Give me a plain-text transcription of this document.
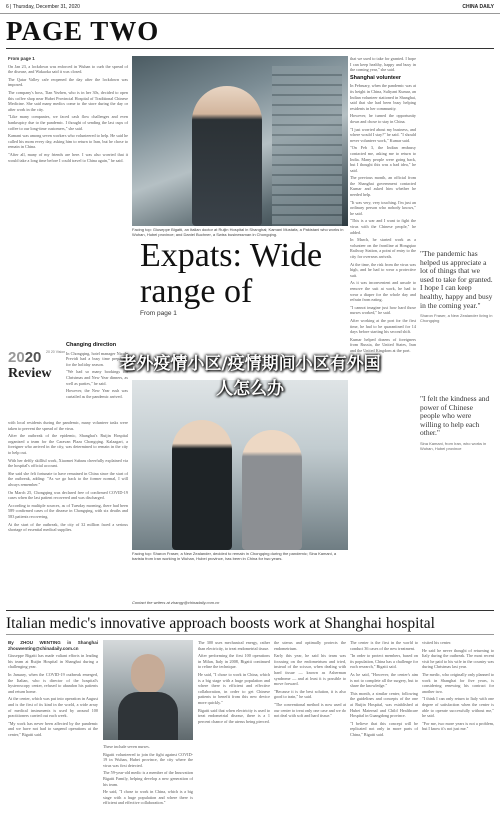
6 | Thursday, December 31, 2020	CHINA DAILY
PAGE TWO
From page 1

On Jan 23, a lockdown was enforced in Wuhan to curb the spread of the disease, and Wakaoka said it was closed.

The Qatar Valley cafe reopened the day after the lockdown was imposed.

The company's boss, Tian Yezhen, who is in her 30s, decided to open this coffee shop near Hubei Provincial Hospital of Traditional Chinese Medicine. She said many medics come to the store during the day or after work in the city.

"Like many companies, we faced cash flow challenges and even bankruptcy due to the pandemic. I thought of sending the last cups of coffee to our long-time customers," she said.

Kamani was among seven workers who volunteered to help. He said he called his mom every day, asking him to return to Iran, but he chose to remain in China.

"After all, many of my friends are here. I was also worried that it would take a long time before I could travel to China again," he said.

2020
Review
20 20 Vision
Changing direction

In Chongqing, hotel manager Nicolo Previdi had a busy time preparing for the holiday season.

"We had so many bookings for Christmas and New Year dinners, as well as parties," he said.

However, the New Year rush was curtailed as the pandemic arrived.

with local residents during the pandemic, many volunteer tasks were taken to prevent the spread of the virus.

After the outbreak of the epidemic, Shanghai's Ruijin Hospital organized a team for the Caravan Plaza Chongqing. Kalaagari, a foreigner who arrived in the city, was determined to remain in the city to help out.

With her deftly skillful work, Xiaomei Subaru cheerfully explained via the hospital's official account.

She said she felt fortunate to have remained in China since the start of the outbreak, adding: "As we go back to the former normal, I will always remember."

On March 25, Chongqing was declared free of confirmed COVID-19 cases when the last patient recovered and was discharged.

According to multiple sources, as of Tuesday morning, there had been 589 confirmed cases of the disease in Chongqing, with six deaths and 583 patients recovering.

At the start of the outbreak, the city of 32 million faced a serious shortage of essential medical supplies.

Facing top: Giuseppe Bigatti, an Italian doctor at Ruijin Hospital in Shanghai; Kamani Mustafa, a Pakistani who works in Wuhan, Hubei province; and Daniel Buchner, a Swiss businessman in Chongqing.
Expats: Wide range of
From page 1
Facing top: Sharon Fraser, a New Zealander, decided to remain in Chongqing during the pandemic; Sina Kamani, a barista from Iran working in Wuhan, Hubei province, has been in China for two years.

that we used to take for granted. I hope I can keep healthy, happy and busy in the coming year," she said.

Shanghai volunteer

In February, when the pandemic was at its height in China, Sultyani Kumar, an Indian volunteer stationed in Shanghai, said that she had been busy helping residents in her community.

However, he turned the opportunity down and chose to stay in China.

"I just worried about my business, and where would I stay?" he said. "I should never volunteer work," Kumar said.

"On Feb 3, the Indian embassy contacted me, asking me to return to India. Many people were going back, but I thought this was a bad idea," he said.

The previous month, an official from the Shanghai government contacted Kumar and asked him whether he needed help.

"It was very, very touching. I'm just an ordinary person who nobody knows," he said.

"This is a war and I want to fight the virus with the Chinese people," he added.

In March, he started work as a volunteer on the frontline at Hongqiao Railway Station, a point of entry to the city for overseas arrivals.

At the time, the risk from the virus was high, and he had to wear a protective suit.

As it was inconvenient and unsafe to remove the suit at work, he had to wear a diaper for the whole day and refrain from eating.

"I cannot imagine just how hard those nurses worked," he said.

After working at the port for the first time, he had to be quarantined for 14 days before starting his second shift.

Kumar helped dozens of foreigners from Russia, the United States, Iran and the United Kingdom at the port.

"The pandemic has helped us appreciate a lot of things that we used to take for granted. I hope I can keep healthy, happy and busy in the coming year."
Sharon Fraser, a New Zealander living in Chongqing
"I felt the kindness and power of Chinese people who were willing to help each other."
Sina Kamani, from Iran, who works in Wuhan, Hubei province
Contact the writers at zhangy@chinadaily.com.cn
老外疫情小区/疫情期间小区有外国
人怎么办
Italian medic's innovative approach boosts work at Shanghai hospital
By ZHOU WENTING in Shanghai zhouwenting@chinadaily.com.cn

Giuseppe Bigatti has made valiant efforts in leading his team at Ruijin Hospital in Shanghai during a challenging year.

In January, when the COVID-19 outbreak emerged, the Italian, who is director of the hospital's hysteroscopy center, refused to abandon his patients and return home.

At the center, which was put into operation in August and is the first of its kind in the world, a wide array of medical instruments is used by around 100 practitioners carried out each week.

"My work has never been affected by the pandemic and we have not had to suspend operations at the center," Bigatti said.

These include seven nurses.

Bigatti volunteered to join the fight against COVID-19 in Wuhan, Hubei province, the city where the virus was first detected.

The 59-year-old medic is a member of the Innovation Bigatti Family, helping develop a new generation of his team.

He said, "I chose to work in China, which is a big stage with a huge population and where there is efficient and effective collaboration."

The 300 uses mechanical energy, rather than electricity, to treat endometrial tissue.

After performing the first 100 operations in Milan, Italy in 2008, Bigatti continued to refine the technique.

He said, "I chose to work in China, which is a big stage with a huge population and where there is efficient and effective collaboration, in order to get Chinese patients to benefit from this new device more quickly."

Bigatti said that when electricity is used to treat endometrial disease, there is a 1 percent chance of the uterus being pierced.

the uterus and optimally protects the endometrium.

Early this year, he said his team was focusing on the endometrium and tried, instead of the scissor, when dealing with hard tissue — known as Asherman syndrome — and at least it is possible to move forward.

"Because it is the best solution, it is also good to train," he said.

"The conventional method is now used at our center to treat only one case and we do not deal with soft and hard tissue."

The center is the first in the world to conduct 36 cases of the new treatment.

"In order to protect members, based on its population, China has a challenge for each research," Bigatti said.

As he said, "However, the center's aim is not to complete all the surgery, but to share the knowledge."

This month, a similar center, following the guidelines and concepts of the one at Ruijin Hospital, was established at Hubei Maternal and Child Healthcare Hospital in Guangdong province.

"I believe that this concept will be replicated not only in more parts of China," Bigatti said.

visited his center.

He said he never thought of returning to Italy during the outbreak. The most recent visit he paid to his wife in the country was during Christmas last year.

The medic, who originally only planned to work in Shanghai for five years, is considering renewing his contract for another two.

"I think I can only return to Italy with one degree of satisfaction when the center is able to operate successfully without me," he said.

"For me, two more years is not a problem, but I know it's not just me."
